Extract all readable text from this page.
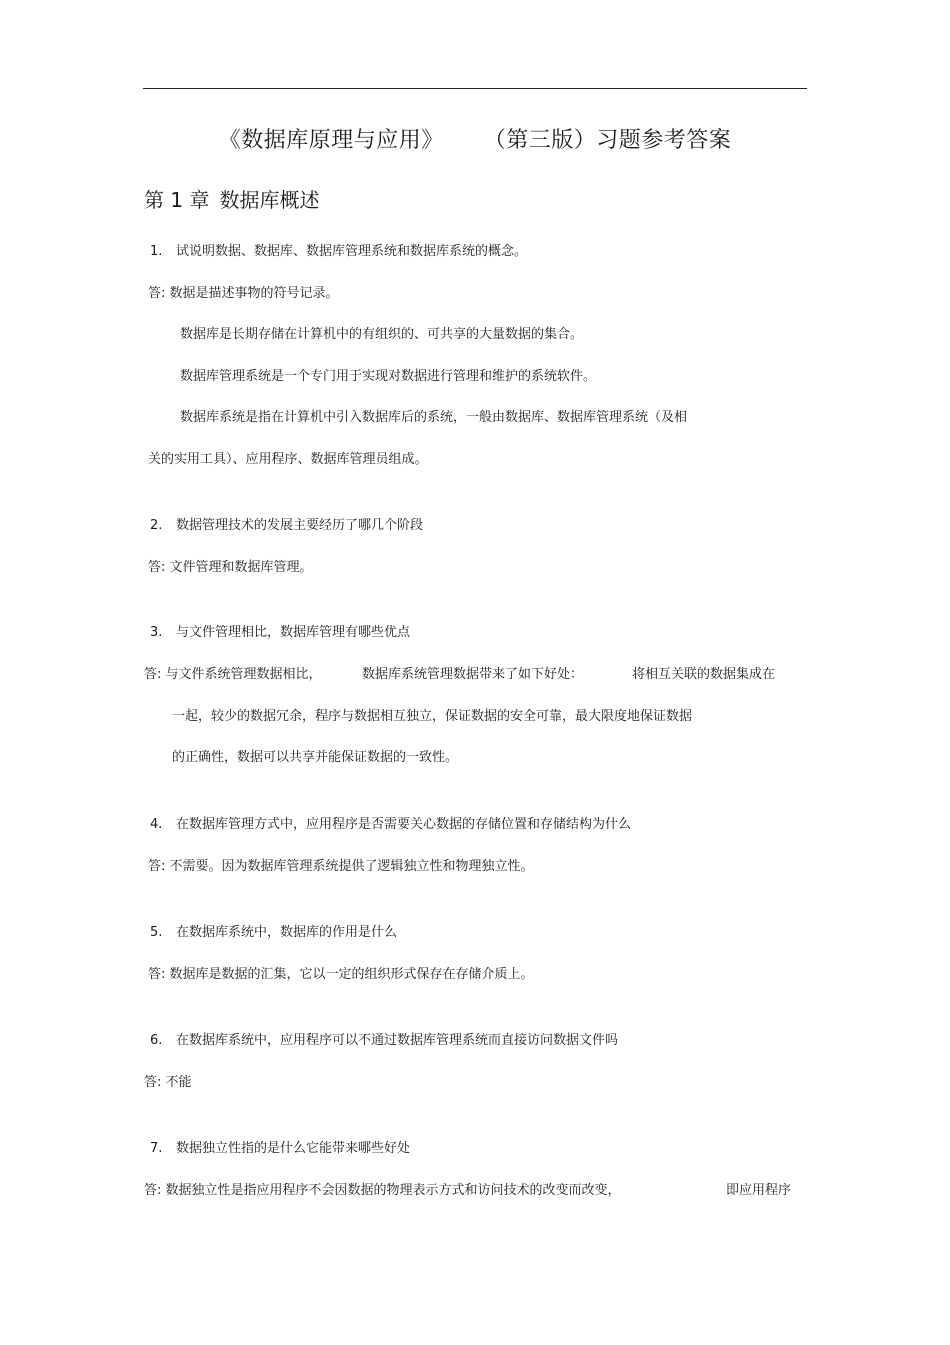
《数据库原理与应用》 （第三版）习题参考答案
第 1 章 数据库概述
1. 试说明数据、数据库、数据库管理系统和数据库系统的概念。
答: 数据是描述事物的符号记录。
数据库是长期存储在计算机中的有组织的、可共享的大量数据的集合。
数据库管理系统是一个专门用于实现对数据进行管理和维护的系统软件。
数据库系统是指在计算机中引入数据库后的系统，一般由数据库、数据库管理系统（及相
关的实用工具）、应用程序、数据库管理员组成。
2. 数据管理技术的发展主要经历了哪几个阶段
答: 文件管理和数据库管理。
3. 与文件管理相比，数据库管理有哪些优点
答: 与文件系统管理数据相比，	数据库系统管理数据带来了如下好处：	将相互关联的数据集成在
一起，较少的数据冗余，程序与数据相互独立，保证数据的安全可靠，最大限度地保证数据
的正确性，数据可以共享并能保证数据的一致性。
4. 在数据库管理方式中，应用程序是否需要关心数据的存储位置和存储结构为什么
答: 不需要。因为数据库管理系统提供了逻辑独立性和物理独立性。
5. 在数据库系统中，数据库的作用是什么
答: 数据库是数据的汇集，它以一定的组织形式保存在存储介质上。
6. 在数据库系统中，应用程序可以不通过数据库管理系统而直接访问数据文件吗
答: 不能
7. 数据独立性指的是什么它能带来哪些好处
答: 数据独立性是指应用程序不会因数据的物理表示方式和访问技术的改变而改变，	即应用程序
